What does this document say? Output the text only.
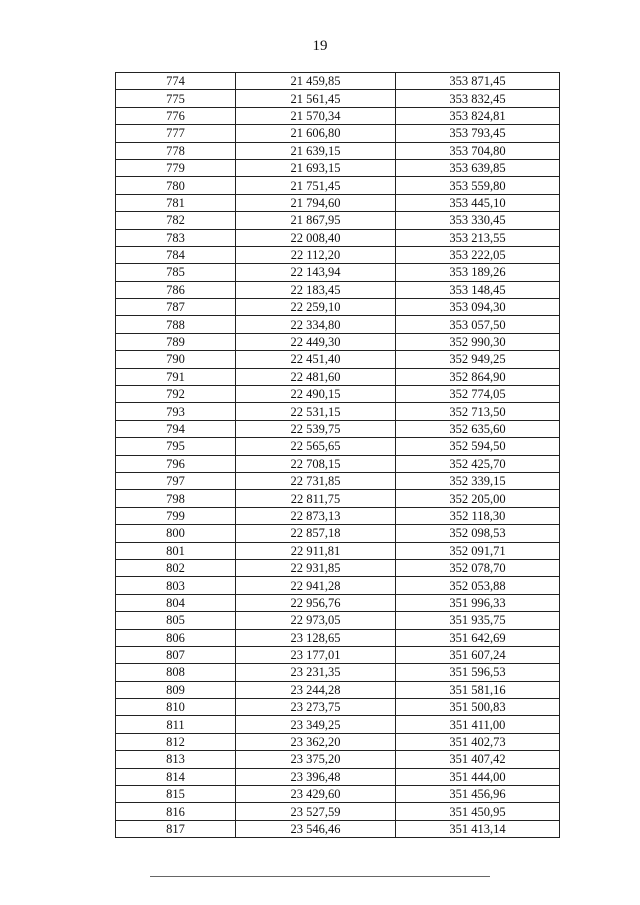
19
774	21 459,85	353 871,45
775	21 561,45	353 832,45
776	21 570,34	353 824,81
777	21 606,80	353 793,45
778	21 639,15	353 704,80
779	21 693,15	353 639,85
780	21 751,45	353 559,80
781	21 794,60	353 445,10
782	21 867,95	353 330,45
783	22 008,40	353 213,55
784	22 112,20	353 222,05
785	22 143,94	353 189,26
786	22 183,45	353 148,45
787	22 259,10	353 094,30
788	22 334,80	353 057,50
789	22 449,30	352 990,30
790	22 451,40	352 949,25
791	22 481,60	352 864,90
792	22 490,15	352 774,05
793	22 531,15	352 713,50
794	22 539,75	352 635,60
795	22 565,65	352 594,50
796	22 708,15	352 425,70
797	22 731,85	352 339,15
798	22 811,75	352 205,00
799	22 873,13	352 118,30
800	22 857,18	352 098,53
801	22 911,81	352 091,71
802	22 931,85	352 078,70
803	22 941,28	352 053,88
804	22 956,76	351 996,33
805	22 973,05	351 935,75
806	23 128,65	351 642,69
807	23 177,01	351 607,24
808	23 231,35	351 596,53
809	23 244,28	351 581,16
810	23 273,75	351 500,83
811	23 349,25	351 411,00
812	23 362,20	351 402,73
813	23 375,20	351 407,42
814	23 396,48	351 444,00
815	23 429,60	351 456,96
816	23 527,59	351 450,95
817	23 546,46	351 413,14
